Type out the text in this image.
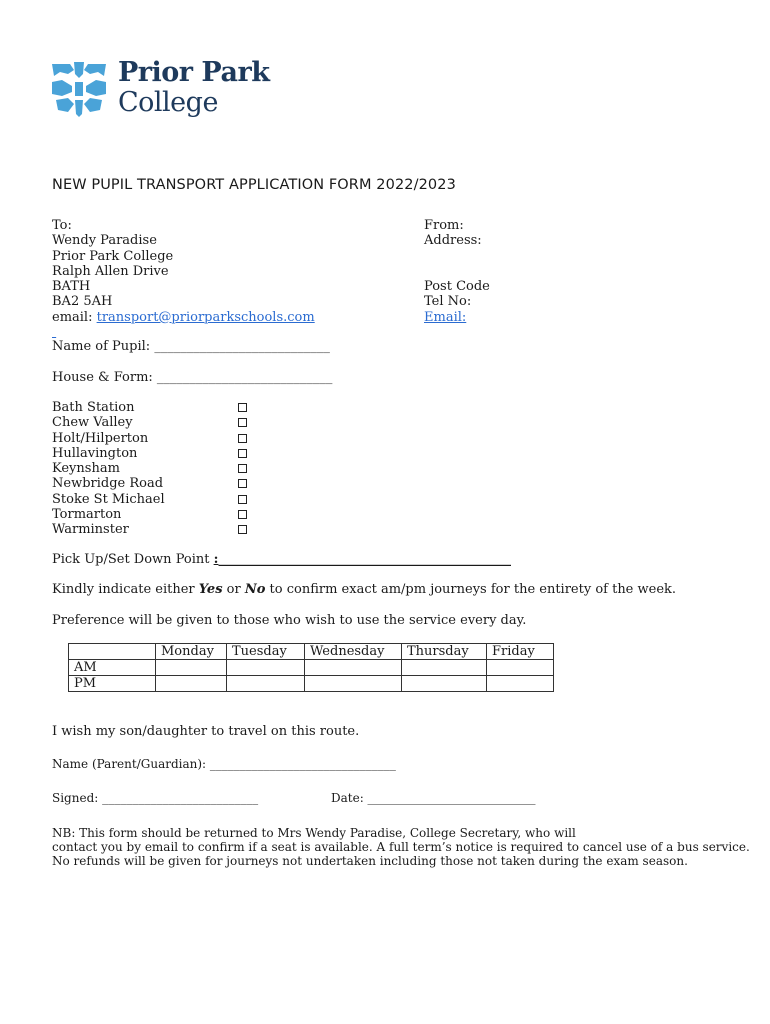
Prior Park
College
NEW PUPIL TRANSPORT APPLICATION FORM 2022/2023
To:
Wendy Paradise
Prior Park College
Ralph Allen Drive
BATH
BA2 5AH
email: transport@priorparkschools.com
From:
Address:
Post Code
Tel No:
Email:
Name of Pupil: ___________________________
House & Form: ___________________________
Bath Station
Chew Valley
Holt/Hilperton
Hullavington
Keynsham
Newbridge Road
Stoke St Michael
Tormarton
Warminster
Pick Up/Set Down Point :_____________________________________________
Kindly indicate either Yes or No to confirm exact am/pm journeys for the entirety of the week.
Preference will be given to those who wish to use the service every day.
	Monday	Tuesday	Wednesday	Thursday	Friday
AM					
PM					
I wish my son/daughter to travel on this route.
Name (Parent/Guardian): _______________________________
Signed: __________________________	Date: ____________________________
NB: This form should be returned to Mrs Wendy Paradise, College Secretary, who will
contact you by email to confirm if a seat is available. A full term’s notice is required to cancel use of a bus service.
No refunds will be given for journeys not undertaken including those not taken during the exam season.
